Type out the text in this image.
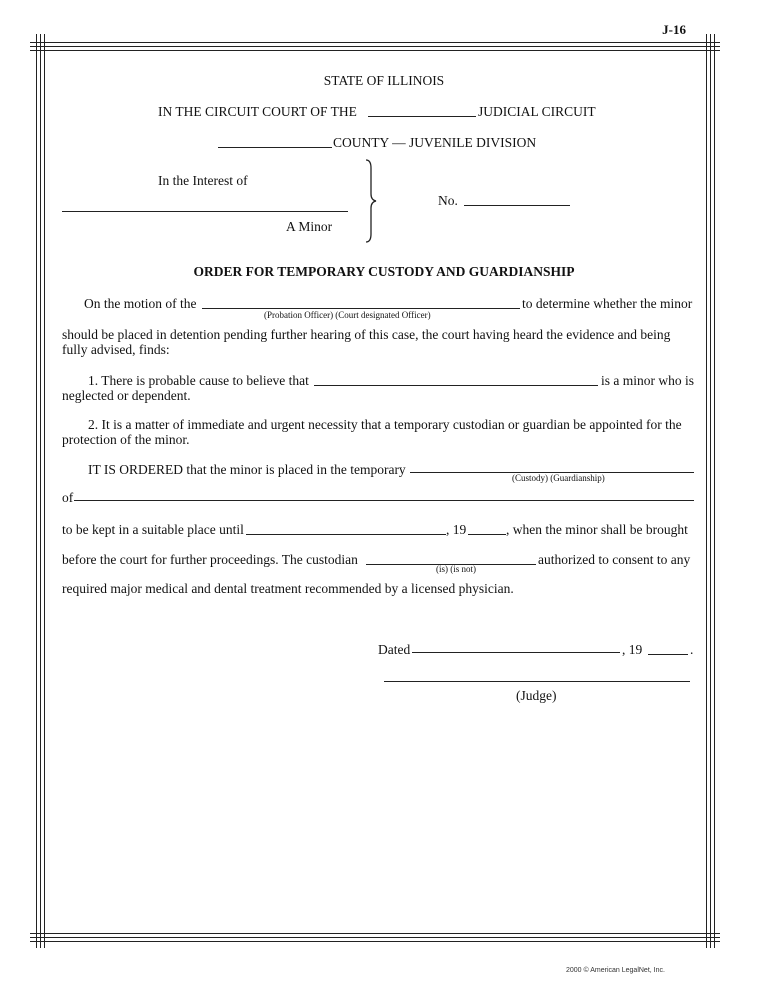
J-16
STATE OF ILLINOIS
IN THE CIRCUIT COURT OF THE	JUDICIAL CIRCUIT
COUNTY — JUVENILE DIVISION
In the Interest of
A Minor
No.
ORDER FOR TEMPORARY CUSTODY AND GUARDIANSHIP
On the motion of the	to determine whether the minor
(Probation Officer) (Court designated Officer)
should be placed in detention pending further hearing of this case, the court having heard the evidence and being
fully advised, finds:
1. There is probable cause to believe that	is a minor who is
neglected or dependent.
2. It is a matter of immediate and urgent necessity that a temporary custodian or guardian be appointed for the
protection of the minor.
IT IS ORDERED that the minor is placed in the temporary
(Custody) (Guardianship)
of
to be kept in a suitable place until	, 19	, when the minor shall be brought
before the court for further proceedings. The custodian
(is) (is not)
authorized to consent to any
required major medical and dental treatment recommended by a licensed physician.
Dated	, 19	.
(Judge)
2000 © American LegalNet, Inc.
